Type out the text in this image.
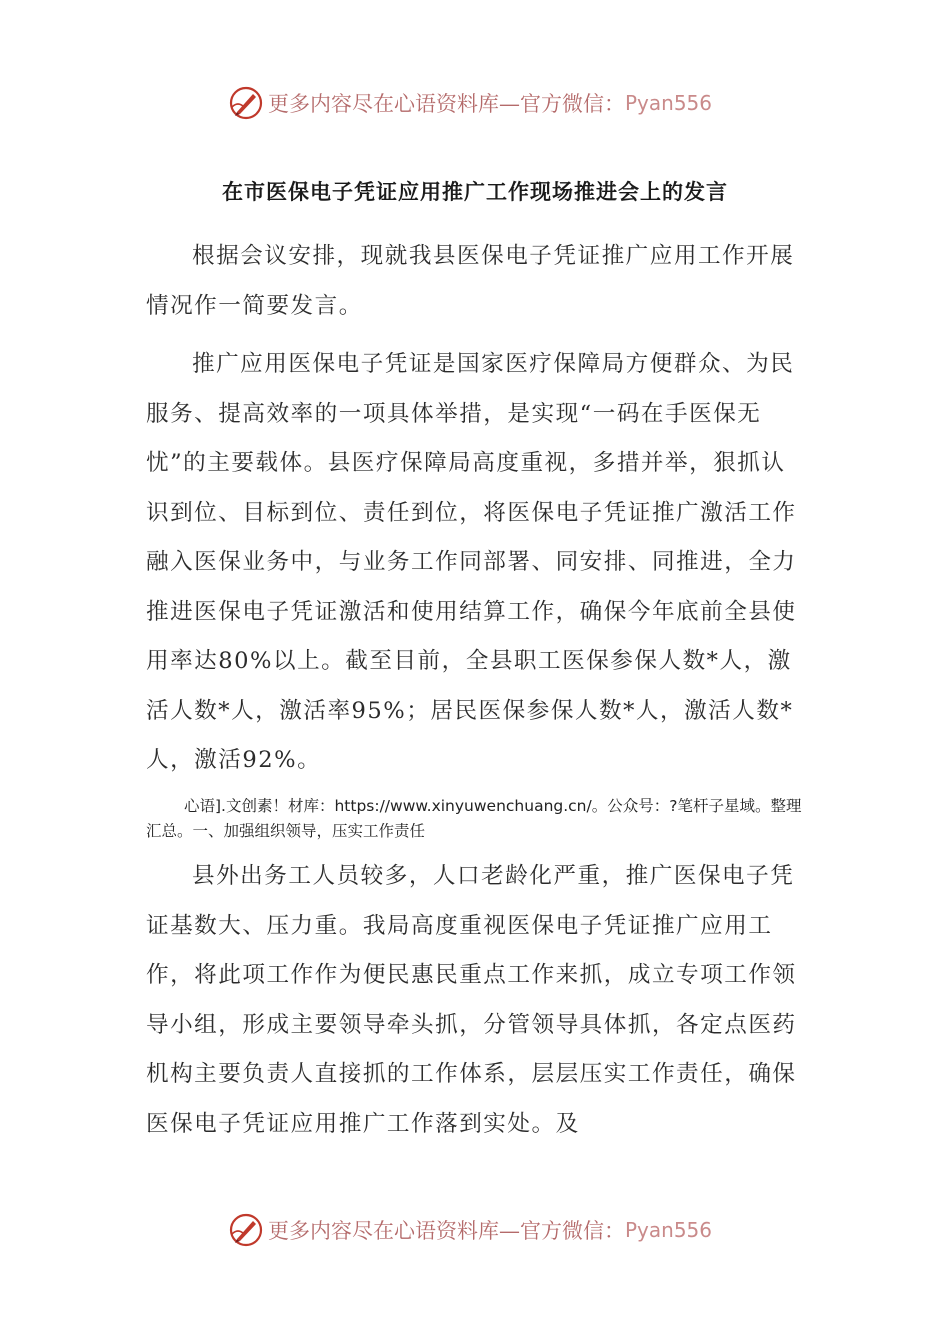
更多内容尽在心语资料库—官方微信： Pyan556
在市医保电子凭证应用推广工作现场推进会上的发言

根据会议安排，现就我县医保电子凭证推广应用工作开展情况作一简要发言。

推广应用医保电子凭证是国家医疗保障局方便群众、为民服务、提高效率的一项具体举措，是实现“一码在手医保无忧”的主要载体。县医疗保障局高度重视，多措并举，狠抓认识到位、目标到位、责任到位，将医保电子凭证推广激活工作融入医保业务中，与业务工作同部署、同安排、同推进，全力推进医保电子凭证激活和使用结算工作，确保今年底前全县使用率达80%以上。截至目前，全县职工医保参保人数*人，激活人数*人，激活率95%；居民医保参保人数*人，激活人数*人，激活92%。

心语].文创素！材库：https://www.xinyuwenchuang.cn/。公众号：?笔杆子星域。整理汇总。一、加强组织领导，压实工作责任

县外出务工人员较多，人口老龄化严重，推广医保电子凭证基数大、压力重。我局高度重视医保电子凭证推广应用工作，将此项工作作为便民惠民重点工作来抓，成立专项工作领导小组，形成主要领导牵头抓，分管领导具体抓，各定点医药机构主要负责人直接抓的工作体系，层层压实工作责任，确保医保电子凭证应用推广工作落到实处。及

更多内容尽在心语资料库—官方微信： Pyan556
